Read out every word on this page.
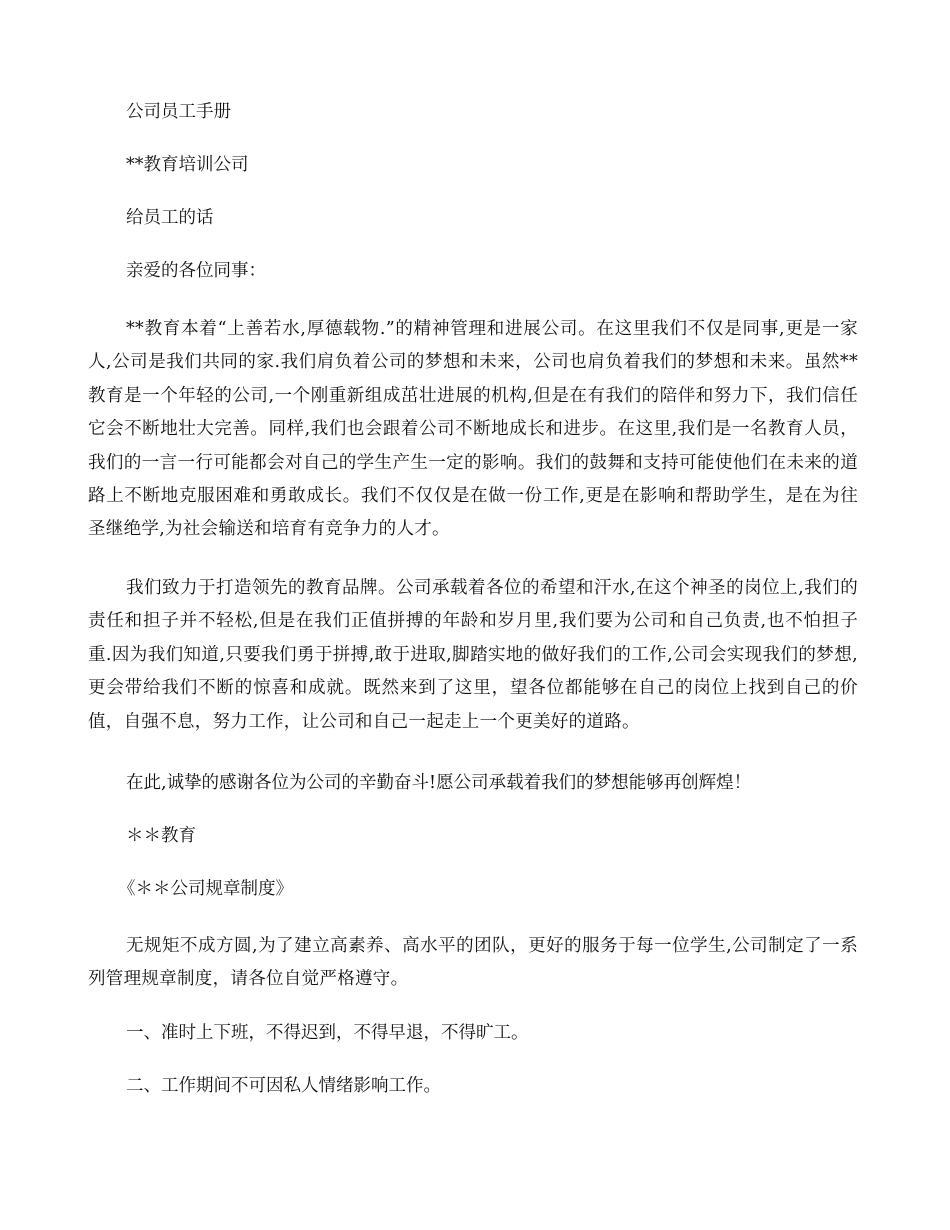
公司员工手册
**教育培训公司
给员工的话
亲爱的各位同事：
**教育本着“上善若水,厚德载物.”的精神管理和进展公司。在这里我们不仅是同事,更是一家人,公司是我们共同的家.我们肩负着公司的梦想和未来，公司也肩负着我们的梦想和未来。虽然**教育是一个年轻的公司,一个刚重新组成茁壮进展的机构,但是在有我们的陪伴和努力下，我们信任它会不断地壮大完善。同样,我们也会跟着公司不断地成长和进步。在这里,我们是一名教育人员，我们的一言一行可能都会对自己的学生产生一定的影响。我们的鼓舞和支持可能使他们在未来的道路上不断地克服困难和勇敢成长。我们不仅仅是在做一份工作,更是在影响和帮助学生，是在为往圣继绝学,为社会输送和培育有竞争力的人才。
我们致力于打造领先的教育品牌。公司承载着各位的希望和汗水,在这个神圣的岗位上,我们的责任和担子并不轻松,但是在我们正值拼搏的年龄和岁月里,我们要为公司和自己负责,也不怕担子重.因为我们知道,只要我们勇于拼搏,敢于进取,脚踏实地的做好我们的工作,公司会实现我们的梦想,更会带给我们不断的惊喜和成就。既然来到了这里，望各位都能够在自己的岗位上找到自己的价值，自强不息，努力工作，让公司和自己一起走上一个更美好的道路。
在此,诚挚的感谢各位为公司的辛勤奋斗!愿公司承载着我们的梦想能够再创辉煌！
＊＊教育
《＊＊公司规章制度》
无规矩不成方圆,为了建立高素养、高水平的团队，更好的服务于每一位学生,公司制定了一系列管理规章制度，请各位自觉严格遵守。
一、准时上下班，不得迟到，不得早退，不得旷工。
二、工作期间不可因私人情绪影响工作。
